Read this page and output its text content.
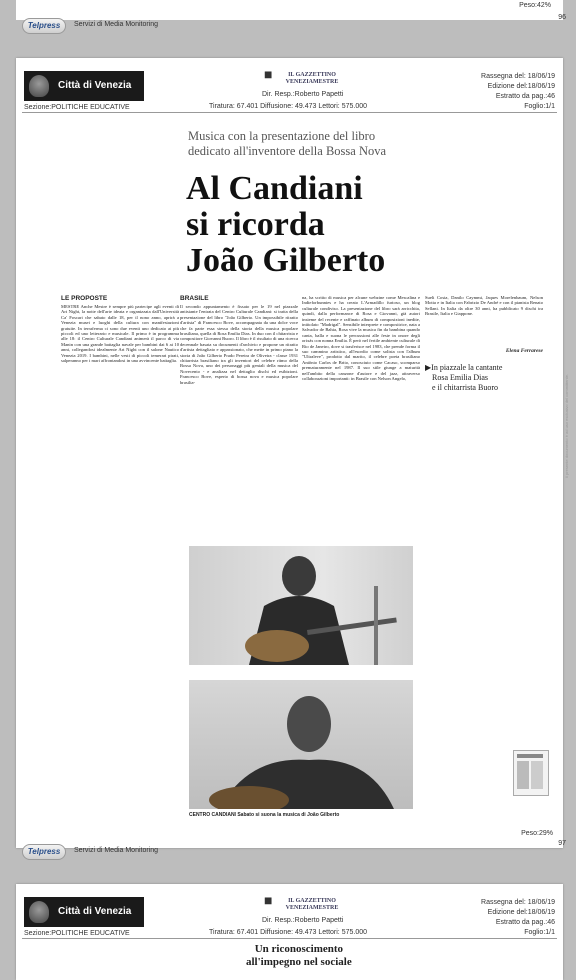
Peso:42%
96
Telpress	Servizi di Media Monitoring
Città di Venezia
Sezione:POLITICHE EDUCATIVE
■	IL GAZZETTINO
VENEZIAMESTRE
Dir. Resp.:Roberto Papetti
Tiratura: 67.401 Diffusione: 49.473 Lettori: 575.000
Rassegna del: 18/06/19
Edizione del:18/06/19
Estratto da pag.:46
Foglio:1/1
Musica con la presentazione del libro
dedicato all'inventore della Bossa Nova
Al Candiani
si ricorda
João Gilberto
LE PROPOSTE
MESTRE Anche Mestre è sempre più partecipe agli eventi di Art Night, la notte dell'arte ideata e organizzata dall'Università Ca' Foscari che sabato dalle 18, per il nono anno, aprirà a Venezia musei e luoghi della cultura con manifestazioni gratuite. In terraferma ci sono due eventi uno dedicato ai più piccoli ed uno letterario e musicale. Il primo è in programma alle 18: il Centro Culturale Candiani animerà il parco di via Manin con una grande battaglia navale per bambini dai 6 ai 10 anni, collegandosi idealmente Art Night con il salone Nautico Venezia 2019. I bambini, nelle vesti di piccoli temerari pirati, salperanno per i mari affrontandosi in una avvincente battaglia.
BRASILE
Il secondo appuntamento è fissato per le 19 nel piazzale antistante l'entrata del Centro Culturale Candiani: si tratta della presentazione del libro "João Gilberto. Un impossibile ritratto d'artista" di Francesco Bove, accompagnata da una dolce voce che fa parte essa stessa della storia della musica popolare brasiliana, quella di Rosa Emilia Dias. In duo con il chitarrista e compositore Giovanni Buoro. Il libro è il risultato di una ricerca decennale basata su documenti d'archivio e propone un ritratto d'artista dettagliato e appassionato, che mette in primo piano la storia di João Gilberto Prado Pereira de Oliveira - classe 1931 chitarrista brasiliano tra gli inventori del celebre ritmo della Bossa Nova, uno dei personaggi più geniali della musica del Novecento - e analizza nel dettaglio dischi ed esibizioni. Francesco Bove, esperto di bossa nova e musica popolare brasilia-
na, ha scritto di musica per alcune webzine come Mescalina e Indieforbunnies e ha creato L'Armadillo furioso, un blog culturale condiviso. La presentazione del libro sarà arricchita, quindi, dalla performance di Rosa e Giovanni, già autori insieme del recente e raffinato album di composizioni inedite, intitolato "Madrigal". Sensibile interprete e compositrice, nata a Salvador de Bahia, Rosa vive la musica fin da bambina quando canta, balla e suona le percussioni alle feste in onore degli orixás con nonna Emilia. È però nel fertile ambiente culturale di Rio de Janeiro, dove si trasferisce nel 1983, che prende forma il suo cammino artistico, all'esordio come solista con l'album "Ultraleve", prodotto dal marito, il celebre poeta brasiliano Antônio Carlos de Brito, conosciuto come Cacaso, scomparso prematuramente nel 1987. Il suo stile giunge a maturità nell'ambito della canzone d'autore e del jazz, attraverso collaborazioni importanti: in Brasile con Nelson Angelo,
Sueli Costa, Danilo Caymmi, Jaques Morelenbaum, Nelson Motta e in Italia con Fabrizio De André e con il pianista Renato Sellani. In Italia da oltre 30 anni, ha pubblicato 9 dischi tra Brasile, Italia e Giappone.
Elena Ferrarese
▶In piazzale la cantante
Rosa Emilia Dias
e il chitarrista Buoro
CENTRO CANDIANI Sabato si suona la musica di João Gilberto
Peso:29%
Il presente documento è ad uso esclusivo del committente.
97
Telpress	Servizi di Media Monitoring
Città di Venezia
Sezione:POLITICHE EDUCATIVE
■	IL GAZZETTINO
VENEZIAMESTRE
Dir. Resp.:Roberto Papetti
Tiratura: 67.401 Diffusione: 49.473 Lettori: 575.000
Rassegna del: 18/06/19
Edizione del:18/06/19
Estratto da pag.:46
Foglio:1/1
Un riconoscimento
all'impegno nel sociale
